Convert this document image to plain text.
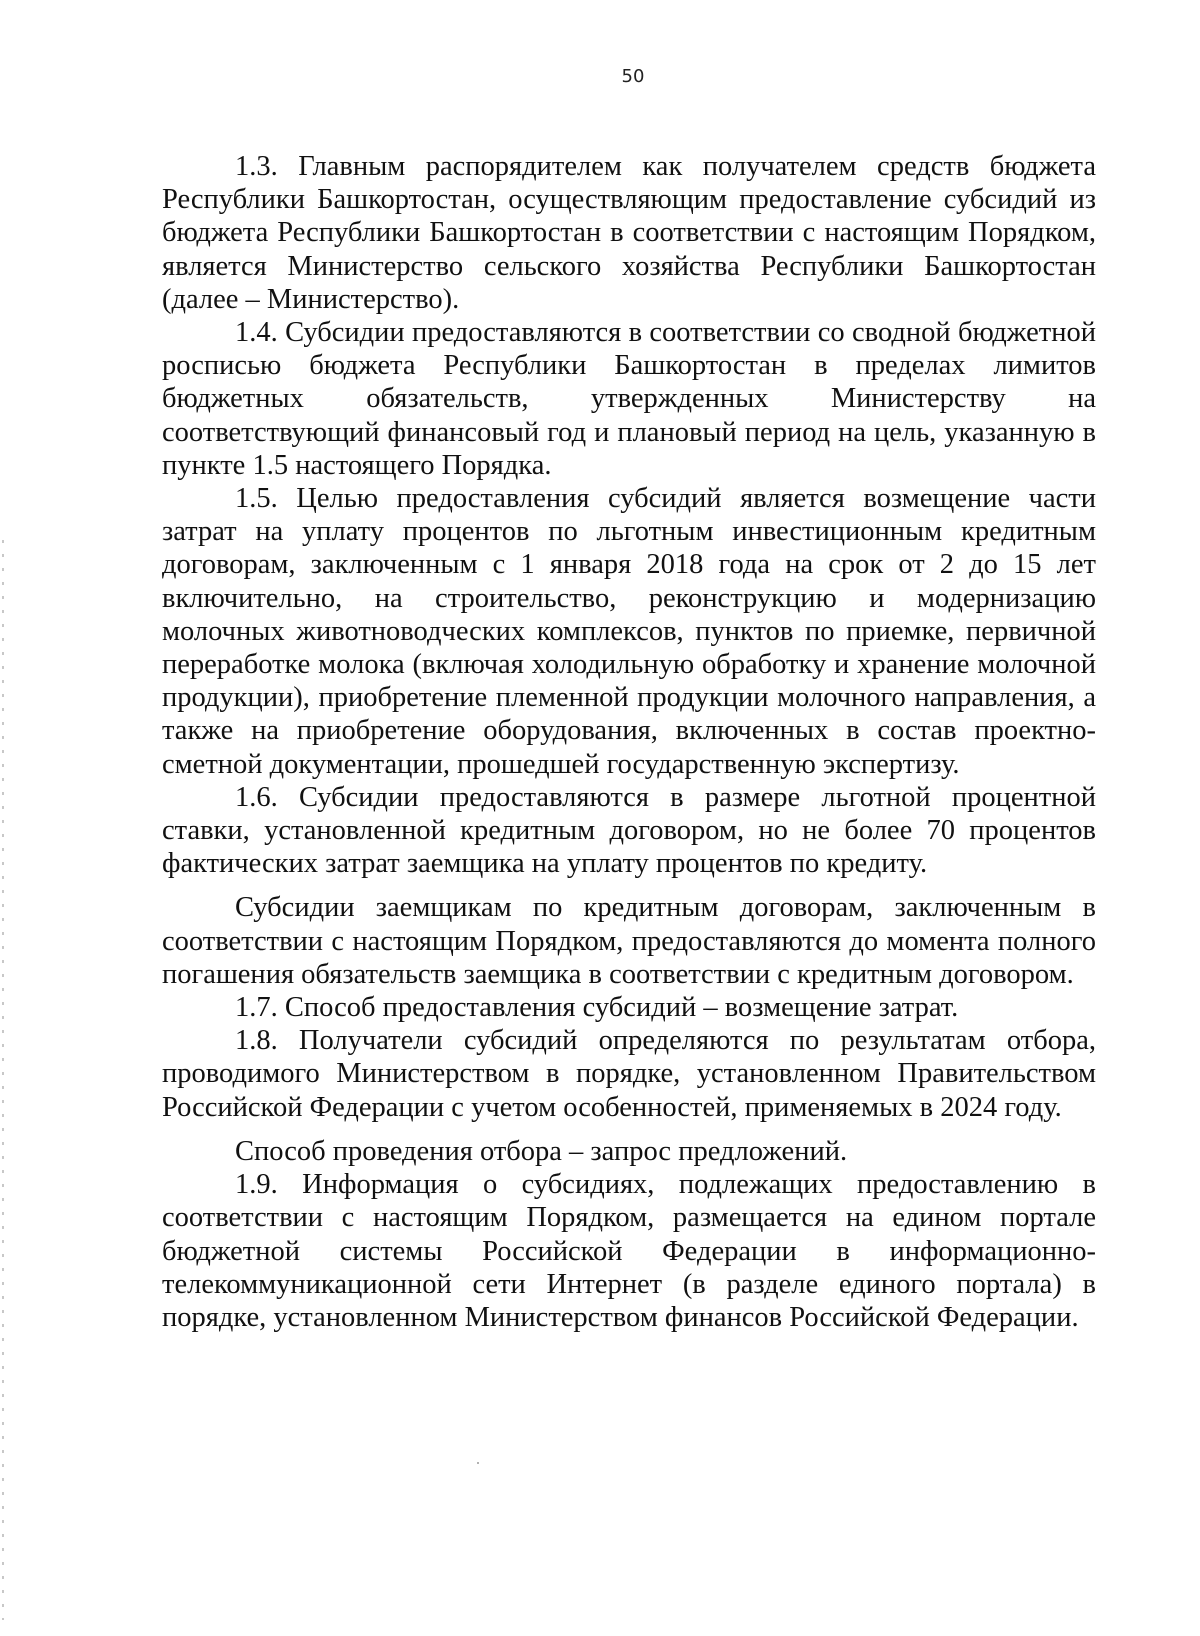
50

1.3. Главным распорядителем как получателем средств бюджета Республики Башкортостан, осуществляющим предоставление субсидий из бюджета Республики Башкортостан в соответствии с настоящим Порядком, является Министерство сельского хозяйства Республики Башкортостан (далее – Министерство).

1.4. Субсидии предоставляются в соответствии со сводной бюджетной росписью бюджета Республики Башкортостан в пределах лимитов бюджетных обязательств, утвержденных Министерству на соответствующий финансовый год и плановый период на цель, указанную в пункте 1.5 настоящего Порядка.

1.5. Целью предоставления субсидий является возмещение части затрат на уплату процентов по льготным инвестиционным кредитным договорам, заключенным с 1 января 2018 года на срок от 2 до 15 лет включительно, на строительство, реконструкцию и модернизацию молочных животноводческих комплексов, пунктов по приемке, первичной переработке молока (включая холодильную обработку и хранение молочной продукции), приобретение племенной продукции молочного направления, а также на приобретение оборудования, включенных в состав проектно-сметной документации, прошедшей государственную экспертизу.

1.6. Субсидии предоставляются в размере льготной процентной ставки, установленной кредитным договором, но не более 70 процентов фактических затрат заемщика на уплату процентов по кредиту.

Субсидии заемщикам по кредитным договорам, заключенным в соответствии с настоящим Порядком, предоставляются до момента полного погашения обязательств заемщика в соответствии с кредитным договором.

1.7. Способ предоставления субсидий – возмещение затрат.

1.8. Получатели субсидий определяются по результатам отбора, проводимого Министерством в порядке, установленном Правительством Российской Федерации с учетом особенностей, применяемых в 2024 году.

Способ проведения отбора – запрос предложений.

1.9. Информация о субсидиях, подлежащих предоставлению в соответствии с настоящим Порядком, размещается на едином портале бюджетной системы Российской Федерации в информационно-телекоммуникационной сети Интернет (в разделе единого портала) в порядке, установленном Министерством финансов Российской Федерации.
